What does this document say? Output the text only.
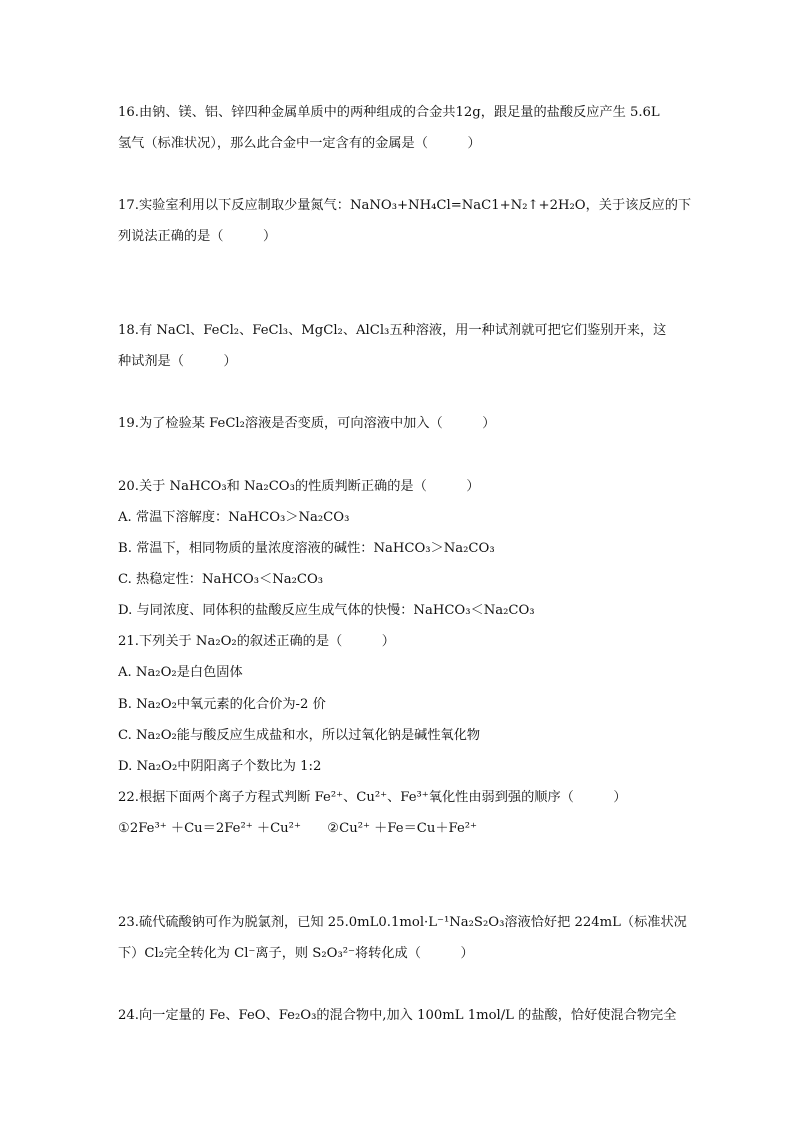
16.由钠、镁、铝、锌四种金属单质中的两种组成的合金共12g，跟足量的盐酸反应产生 5.6L
氢气（标准状况），那么此合金中一定含有的金属是（　　　）
17.实验室利用以下反应制取少量氮气：NaNO₃+NH₄Cl=NaC1+N₂↑+2H₂O，关于该反应的下
列说法正确的是（　　　）
18.有 NaCl、FeCl₂、FeCl₃、MgCl₂、AlCl₃五种溶液，用一种试剂就可把它们鉴别开来，这
种试剂是（　　　）
19.为了检验某 FeCl₂溶液是否变质，可向溶液中加入（　　　）
20.关于 NaHCO₃和 Na₂CO₃的性质判断正确的是（　　　）
A. 常温下溶解度：NaHCO₃＞Na₂CO₃
B. 常温下，相同物质的量浓度溶液的碱性：NaHCO₃＞Na₂CO₃
C. 热稳定性：NaHCO₃＜Na₂CO₃
D. 与同浓度、同体积的盐酸反应生成气体的快慢：NaHCO₃＜Na₂CO₃
21.下列关于 Na₂O₂的叙述正确的是（　　　）
A. Na₂O₂是白色固体
B. Na₂O₂中氧元素的化合价为-2 价
C. Na₂O₂能与酸反应生成盐和水，所以过氧化钠是碱性氧化物
D. Na₂O₂中阴阳离子个数比为 1:2
22.根据下面两个离子方程式判断 Fe²⁺、Cu²⁺、Fe³⁺氧化性由弱到强的顺序（　　　）
①2Fe³⁺ ＋Cu＝2Fe²⁺ ＋Cu²⁺　　②Cu²⁺ ＋Fe＝Cu＋Fe²⁺
23.硫代硫酸钠可作为脱氯剂，已知 25.0mL0.1mol·L⁻¹Na₂S₂O₃溶液恰好把 224mL（标准状况
下）Cl₂完全转化为 Cl⁻离子，则 S₂O₃²⁻将转化成（　　　）
24.向一定量的 Fe、FeO、Fe₂O₃的混合物中,加入 100mL 1mol/L 的盐酸，恰好使混合物完全
